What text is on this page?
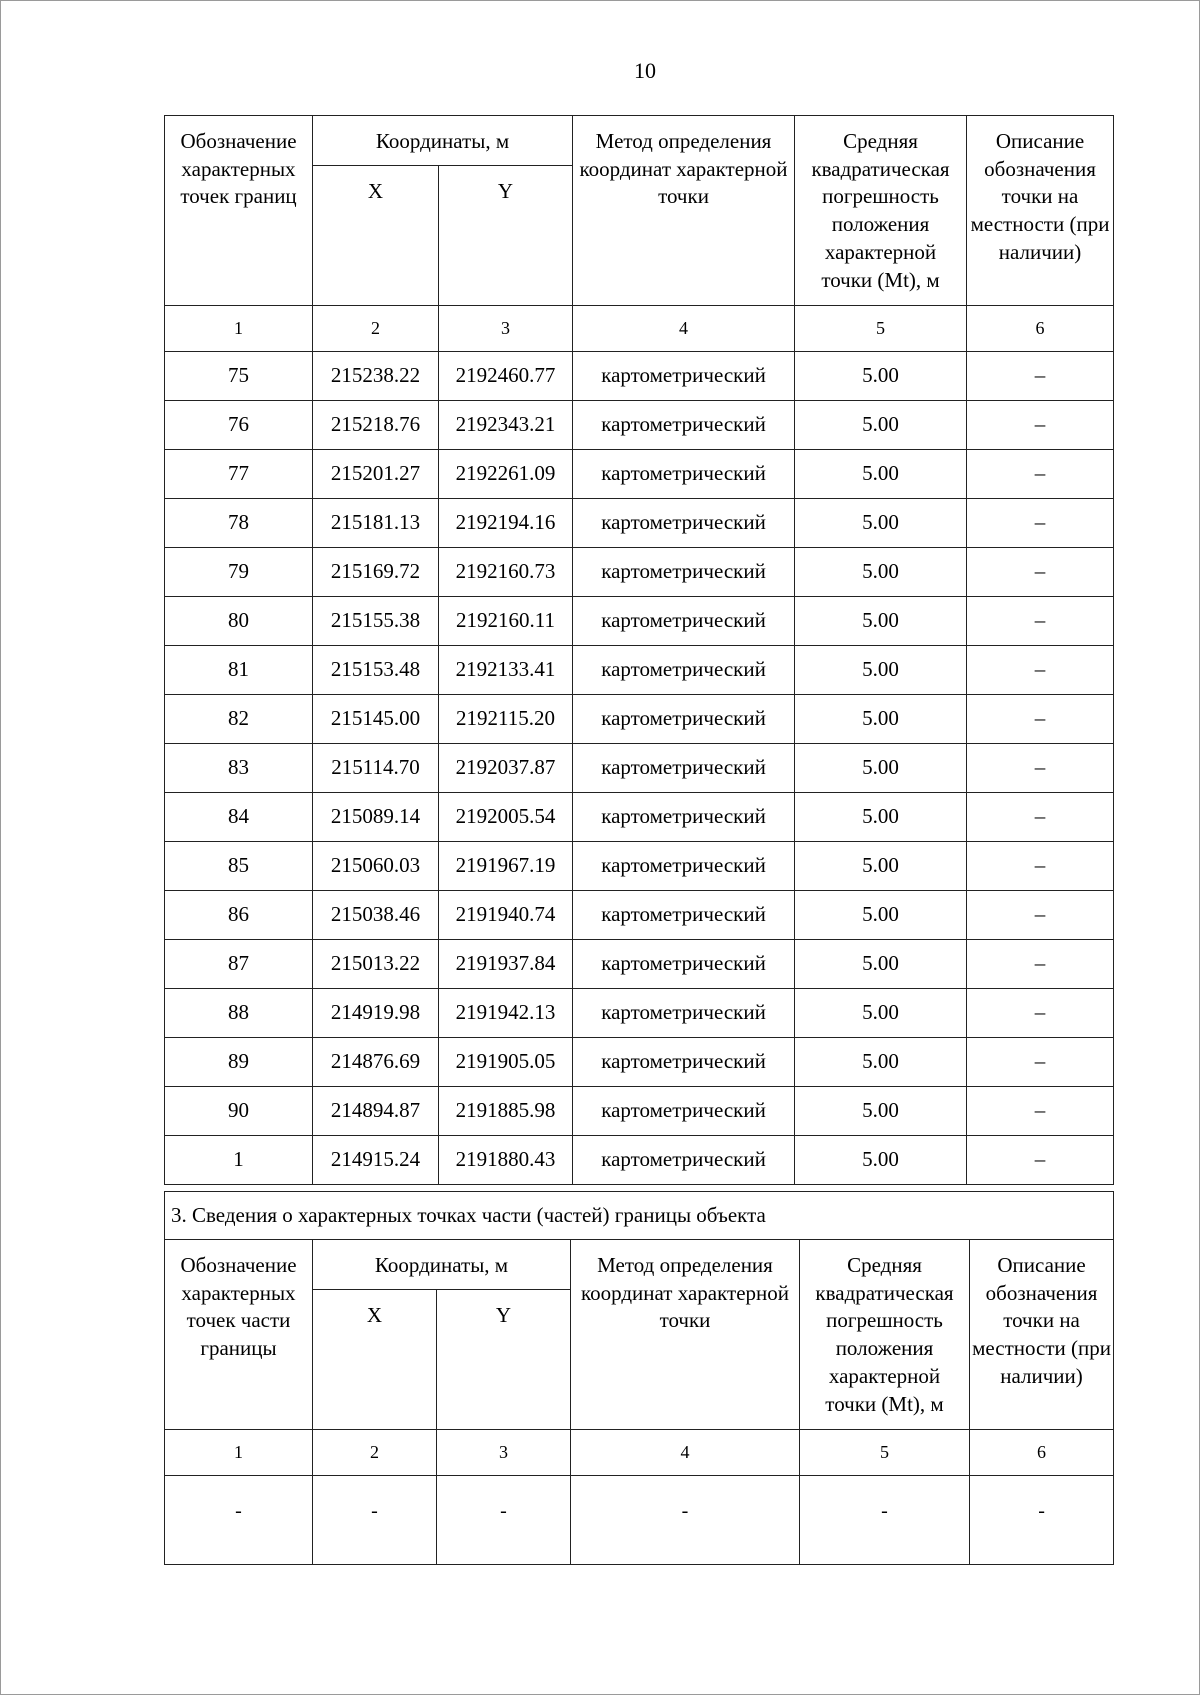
10
Обозначение характерных точек границ	Координаты, м		Метод определения координат характерной точки	Средняя квадратическая погрешность положения характерной точки (Mt), м	Описание обозначения точки на местности (при наличии)
	X	Y			
1	2	3	4	5	6
75	215238.22	2192460.77	картометрический	5.00	–
76	215218.76	2192343.21	картометрический	5.00	–
77	215201.27	2192261.09	картометрический	5.00	–
78	215181.13	2192194.16	картометрический	5.00	–
79	215169.72	2192160.73	картометрический	5.00	–
80	215155.38	2192160.11	картометрический	5.00	–
81	215153.48	2192133.41	картометрический	5.00	–
82	215145.00	2192115.20	картометрический	5.00	–
83	215114.70	2192037.87	картометрический	5.00	–
84	215089.14	2192005.54	картометрический	5.00	–
85	215060.03	2191967.19	картометрический	5.00	–
86	215038.46	2191940.74	картометрический	5.00	–
87	215013.22	2191937.84	картометрический	5.00	–
88	214919.98	2191942.13	картометрический	5.00	–
89	214876.69	2191905.05	картометрический	5.00	–
90	214894.87	2191885.98	картометрический	5.00	–
1	214915.24	2191880.43	картометрический	5.00	–
3. Сведения о характерных точках части (частей) границы объекта					
Обозначение характерных точек части границы	Координаты, м		Метод определения координат характерной точки	Средняя квадратическая погрешность положения характерной точки (Mt), м	Описание обозначения точки на местности (при наличии)
	X	Y			
1	2	3	4	5	6
-	-	-	-	-	-
